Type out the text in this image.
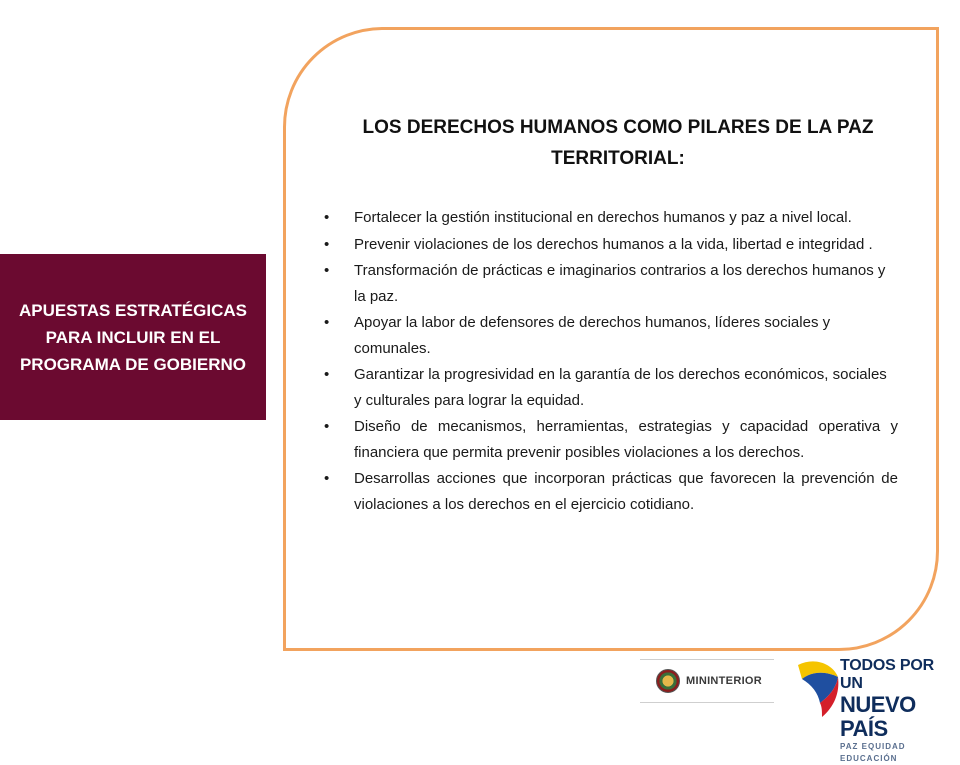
APUESTAS ESTRATÉGICAS PARA INCLUIR EN EL PROGRAMA DE GOBIERNO
LOS DERECHOS HUMANOS COMO PILARES DE LA PAZ TERRITORIAL:
• Fortalecer la gestión institucional en derechos humanos y paz a nivel local.
• Prevenir violaciones de los derechos humanos a la vida, libertad e integridad .
• Transformación de prácticas e imaginarios contrarios a los derechos humanos y la paz.
• Apoyar la labor de defensores de derechos humanos, líderes sociales y comunales.
• Garantizar la progresividad en la garantía de los derechos económicos, sociales y culturales para lograr la equidad.
• Diseño de mecanismos, herramientas, estrategias y capacidad operativa y financiera que permita prevenir posibles violaciones a los derechos.
• Desarrollas acciones que incorporan prácticas que favorecen la prevención de violaciones a los derechos en el ejercicio cotidiano.
MININTERIOR
TODOS POR UN
NUEVO PAÍS
PAZ EQUIDAD EDUCACIÓN
